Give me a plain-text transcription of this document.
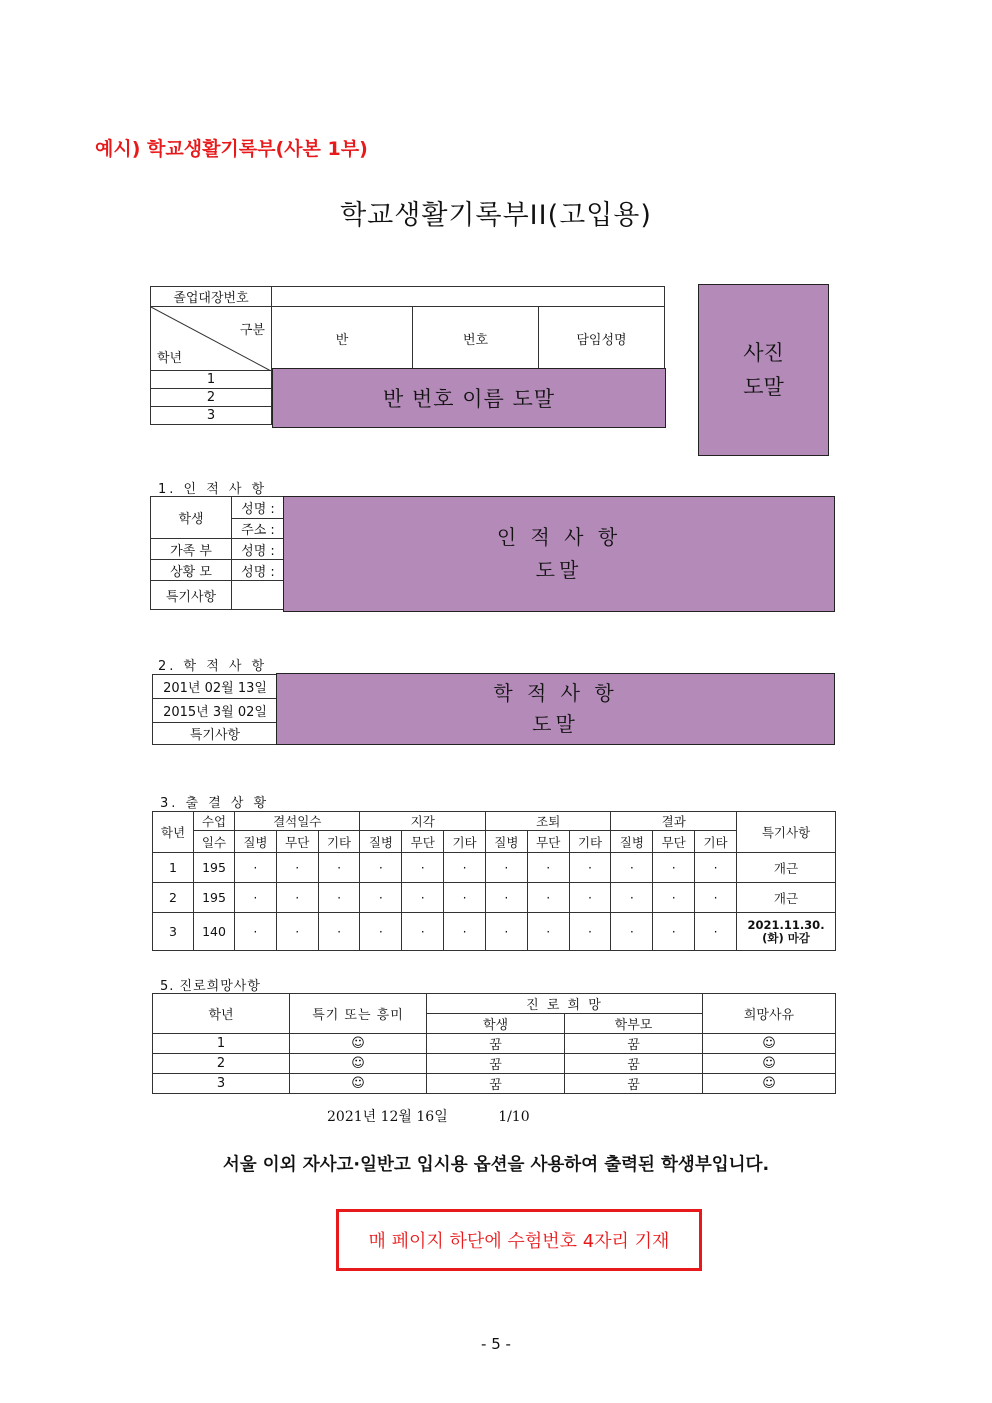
예시) 학교생활기록부(사본 1부)
학교생활기록부II(고입용)
졸업대장번호			

구분
학년	반	번호	담임성명
1			
2			
3			
반 번호 이름 도말
사진
도말
1. 인 적 사 항
학생	성명 :	
	주소 :	
가족 부	성명 :	
상황 모	성명 :	
특기사항		
인 적 사 항
도말
2. 학 적 사 항
201년 02월 13일	
2015년 3월 02일	
특기사항	
학 적 사 항
도말
3. 출 결 상 황
학년	수업	결석일수			지각			조퇴			결과			특기사항
	일수	질병	무단	기타	질병	무단	기타	질병	무단	기타	질병	무단	기타	
1	195	·	·	·	·	·	·	·	·	·	·	·	·	개근
2	195	·	·	·	·	·	·	·	·	·	·	·	·	개근
3	140	·	·	·	·	·	·	·	·	·	·	·	·	2021.11.30. (화) 마감
5. 진로희망사항
학년	특기 또는 흥미	진 로 희 망		희망사유
		학생	학부모	
1	☺	꿈	꿈	☺
2	☺	꿈	꿈	☺
3	☺	꿈	꿈	☺
2021년 12월 16일	1/10
서울 이외 자사고·일반고 입시용 옵션을 사용하여 출력된 학생부입니다.
매 페이지 하단에 수험번호 4자리 기재
- 5 -
